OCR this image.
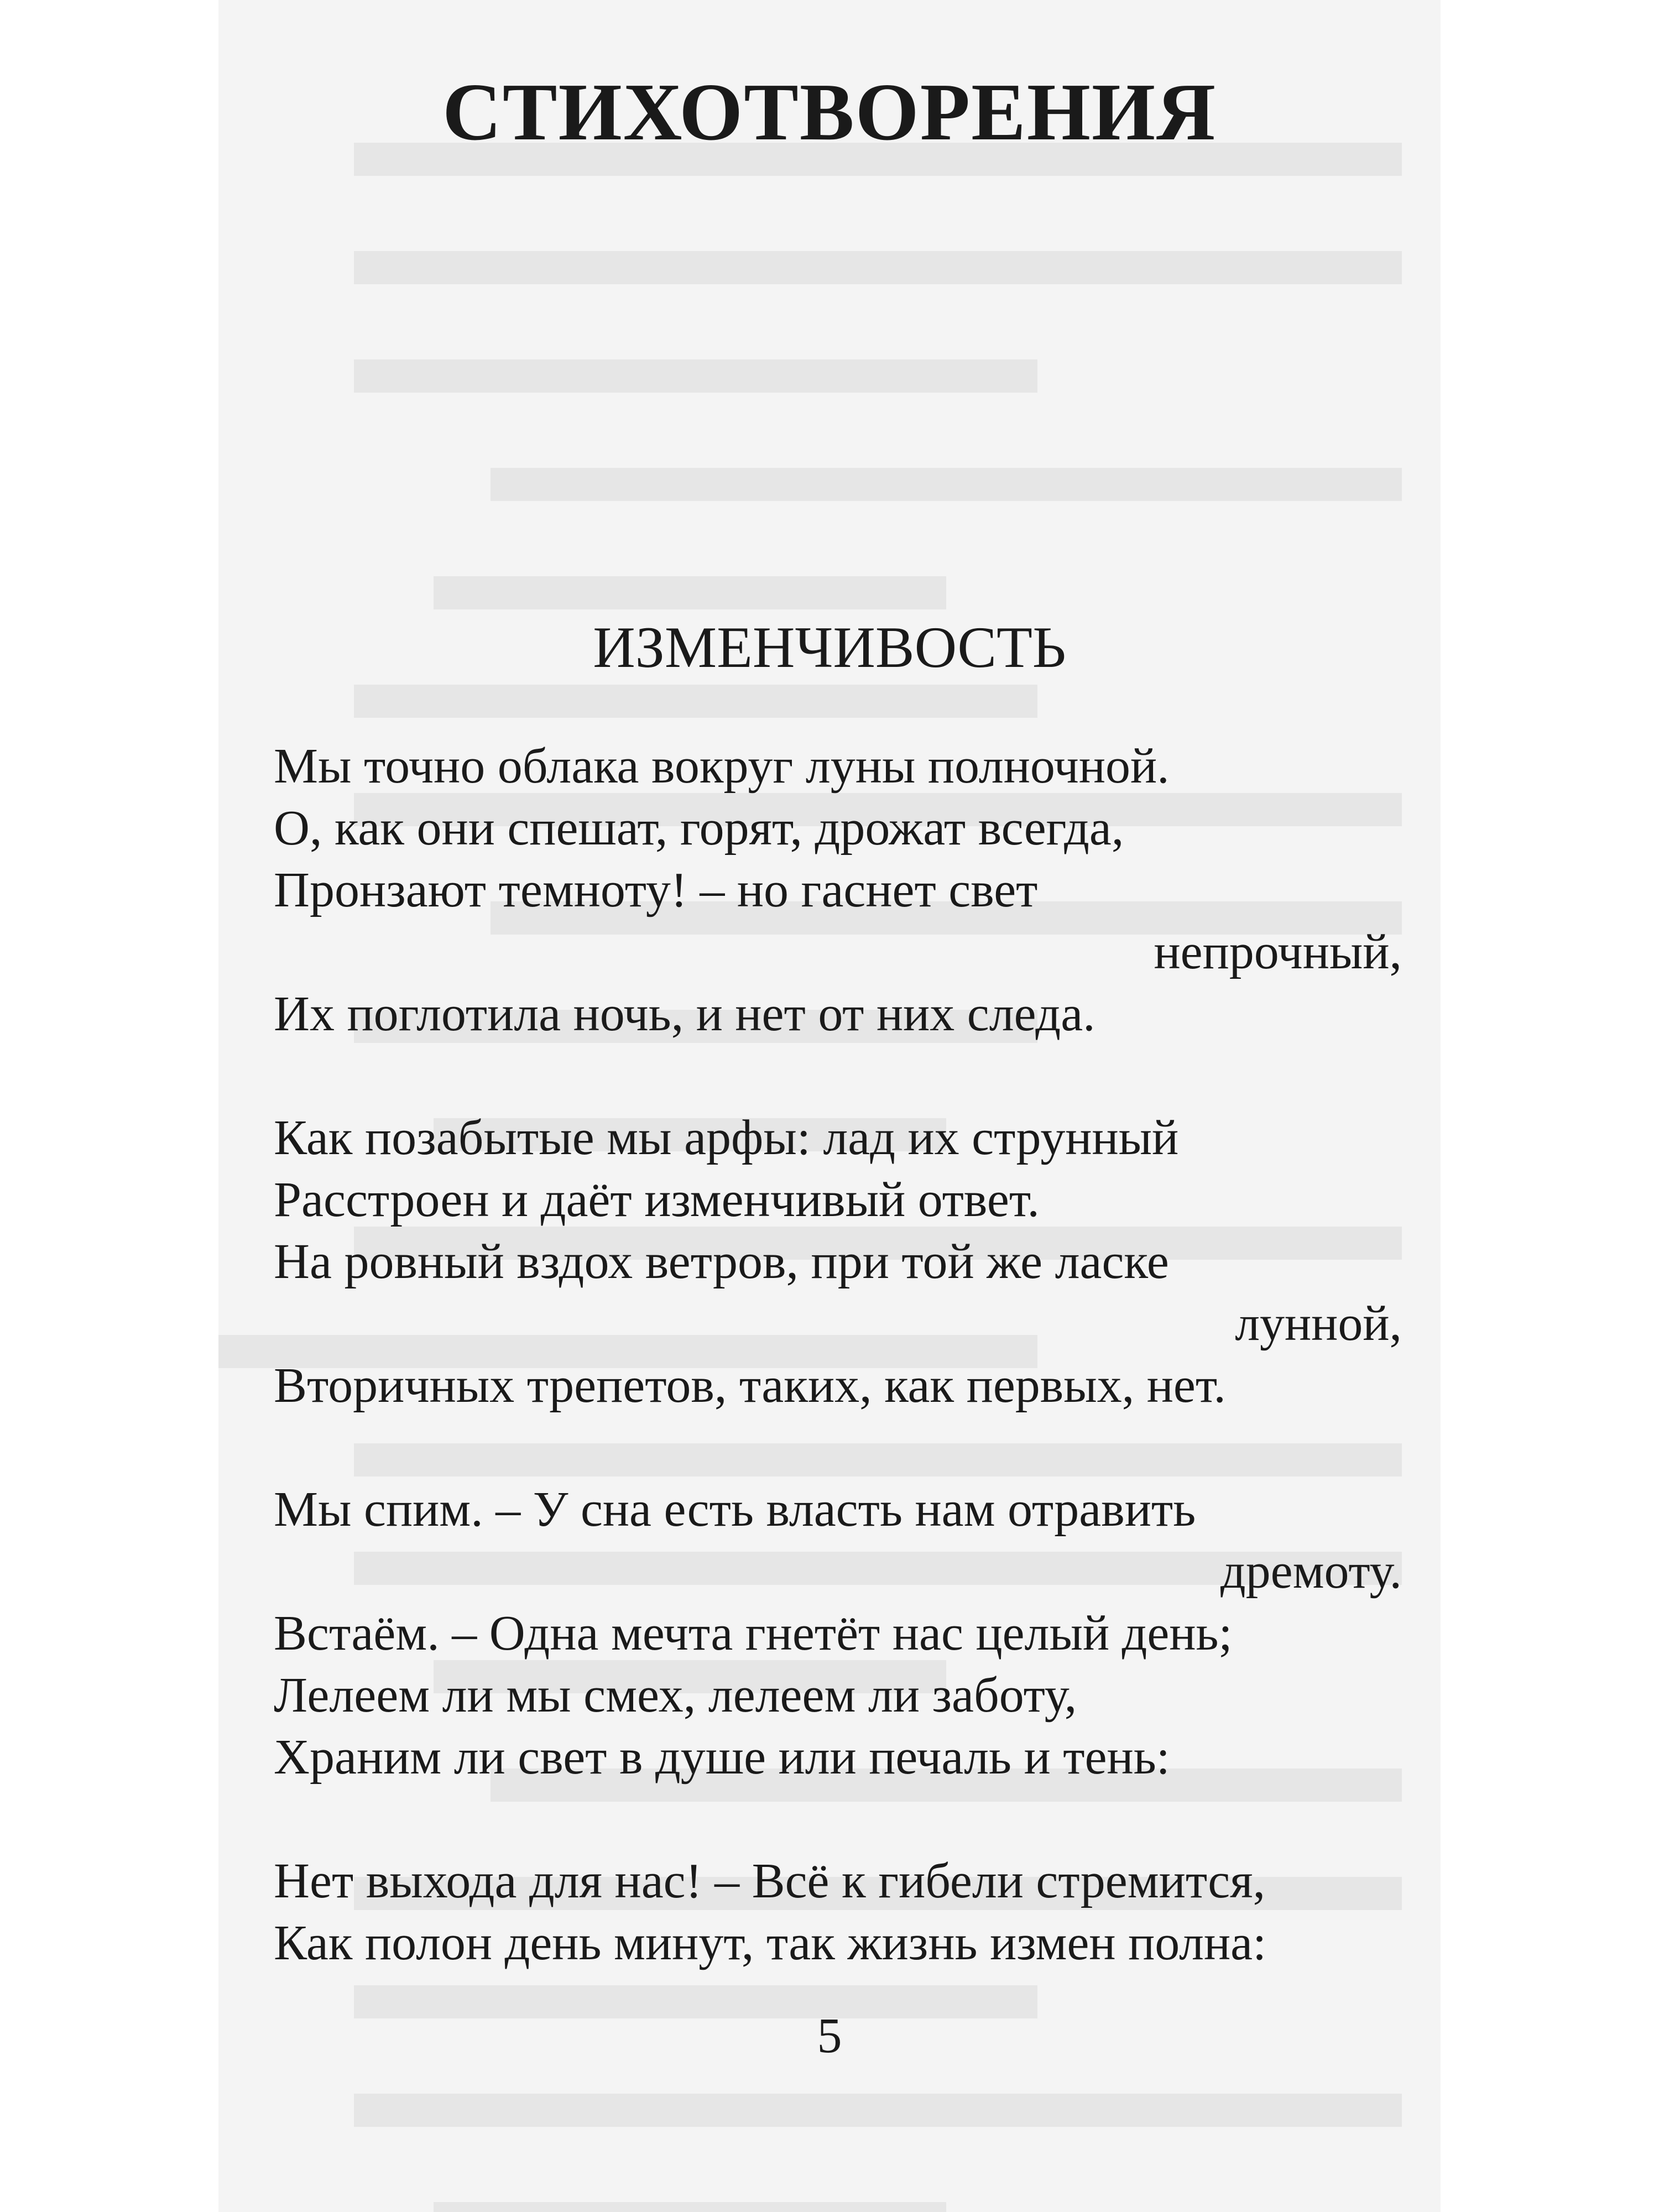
СТИХОТВОРЕНИЯ
ИЗМЕНЧИВОСТЬ
Мы точно облака вокруг луны полночной.
О, как они спешат, горят, дрожат всегда,
Пронзают темноту! – но гаснет свет
непрочный,
Их поглотила ночь, и нет от них следа.
Как позабытые мы арфы: лад их струнный
Расстроен и даёт изменчивый ответ.
На ровный вздох ветров, при той же ласке
лунной,
Вторичных трепетов, таких, как первых, нет.
Мы спим. – У сна есть власть нам отравить
дремоту.
Встаём. – Одна мечта гнетёт нас целый день;
Лелеем ли мы смех, лелеем ли заботу,
Храним ли свет в душе или печаль и тень:
Нет выхода для нас! – Всё к гибели стремится,
Как полон день минут, так жизнь измен полна:
5
